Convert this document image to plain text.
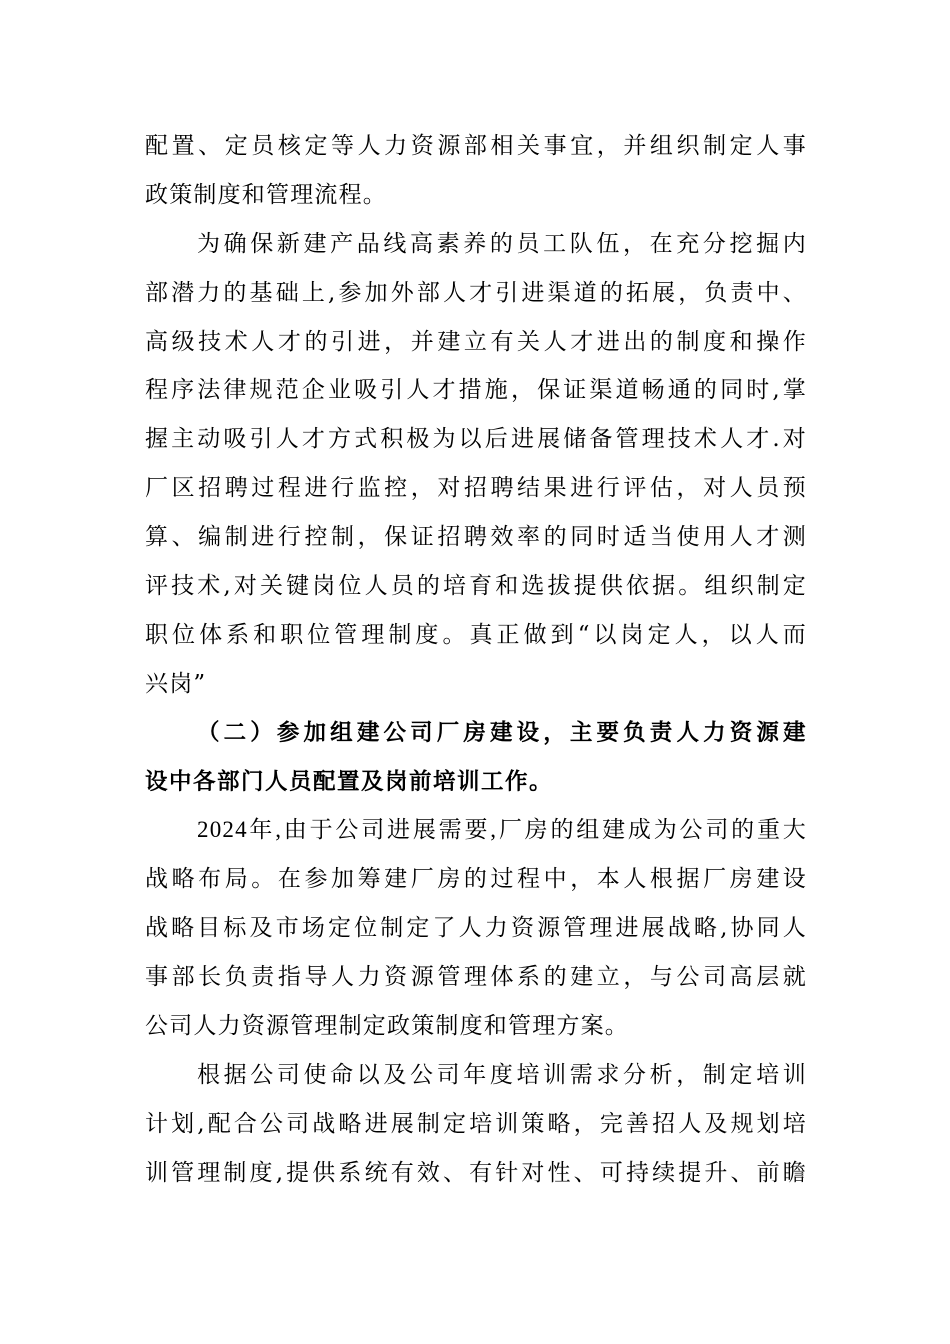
配置、定员核定等人力资源部相关事宜，并组织制定人事
政策制度和管理流程。
为确保新建产品线高素养的员工队伍，在充分挖掘内
部潜力的基础上,参加外部人才引进渠道的拓展，负责中、
高级技术人才的引进，并建立有关人才进出的制度和操作
程序法律规范企业吸引人才措施，保证渠道畅通的同时,掌
握主动吸引人才方式积极为以后进展储备管理技术人才.对
厂区招聘过程进行监控，对招聘结果进行评估，对人员预
算、编制进行控制，保证招聘效率的同时适当使用人才测
评技术,对关键岗位人员的培育和选拔提供依据。组织制定
职位体系和职位管理制度。真正做到“以岗定人，以人而
兴岗”
（二）参加组建公司厂房建设，主要负责人力资源建
设中各部门人员配置及岗前培训工作。
2024年,由于公司进展需要,厂房的组建成为公司的重大
战略布局。在参加筹建厂房的过程中，本人根据厂房建设
战略目标及市场定位制定了人力资源管理进展战略,协同人
事部长负责指导人力资源管理体系的建立，与公司高层就
公司人力资源管理制定政策制度和管理方案。
根据公司使命以及公司年度培训需求分析，制定培训
计划,配合公司战略进展制定培训策略，完善招人及规划培
训管理制度,提供系统有效、有针对性、可持续提升、前瞻
